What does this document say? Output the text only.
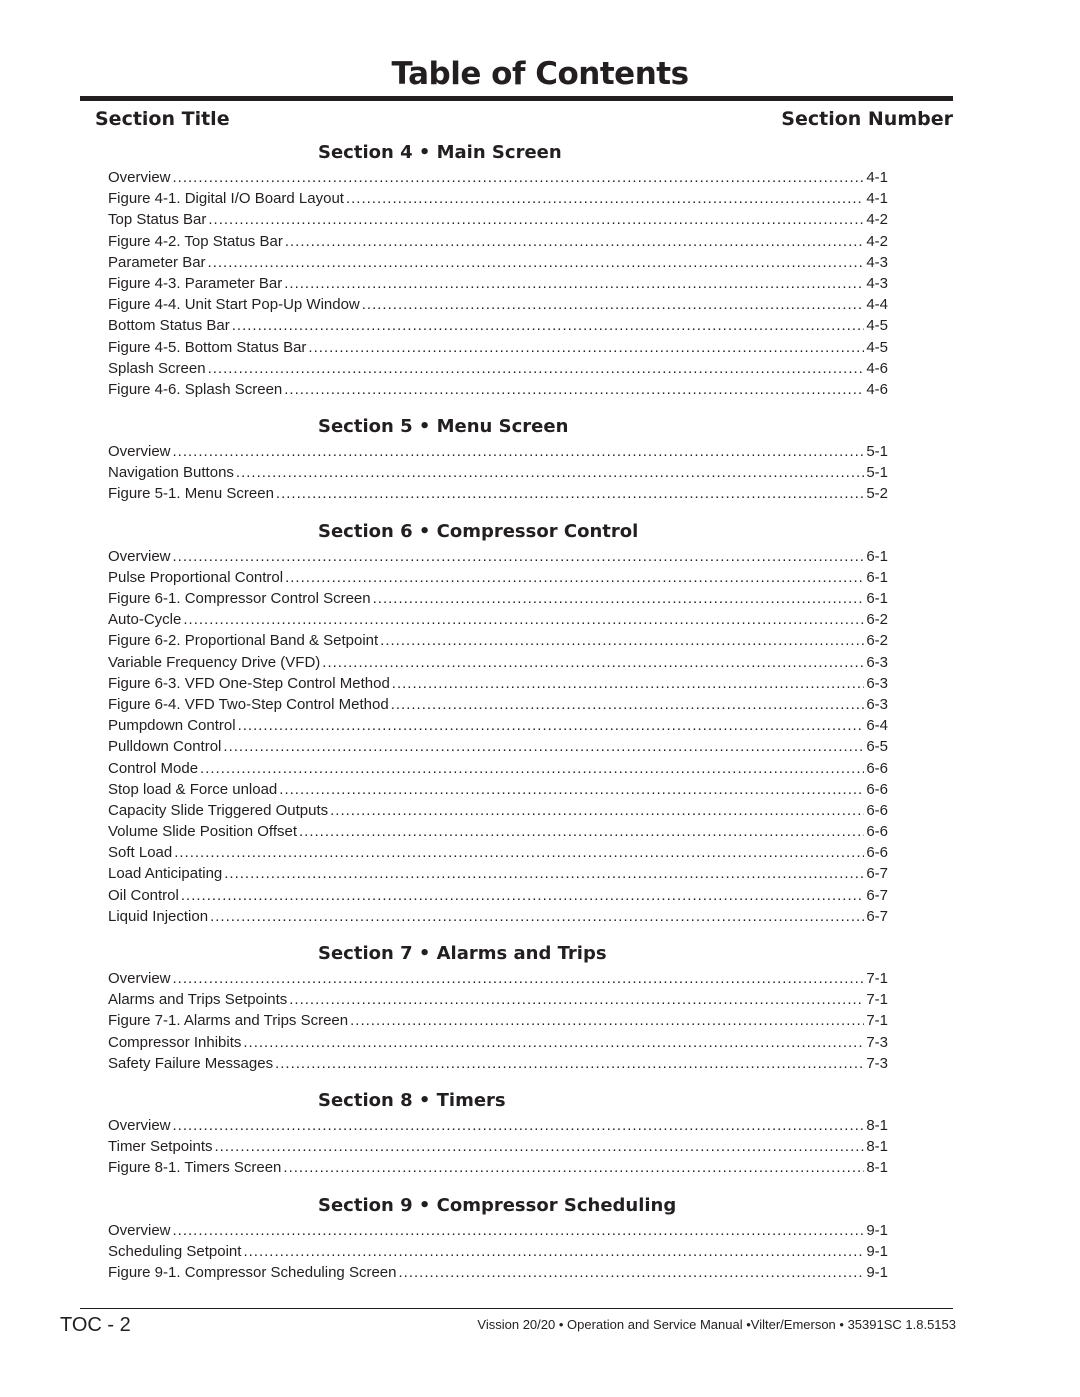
Table of Contents
Section Title	Section Number
Section 4 • Main Screen
Overview .....	4-1
Figure 4-1. Digital I/O Board Layout .....	4-1
Top Status Bar .....	4-2
Figure 4-2. Top Status Bar .....	4-2
Parameter Bar .....	4-3
Figure 4-3. Parameter Bar .....	4-3
Figure 4-4. Unit Start Pop-Up Window .....	4-4
Bottom Status Bar .....	4-5
Figure 4-5. Bottom Status Bar .....	4-5
Splash Screen .....	4-6
Figure 4-6. Splash Screen .....	4-6
Section 5 • Menu Screen
Overview .....	5-1
Navigation Buttons .....	5-1
Figure 5-1. Menu Screen .....	5-2
Section 6 • Compressor Control
Overview .....	6-1
Pulse Proportional Control .....	6-1
Figure 6-1. Compressor Control Screen .....	6-1
Auto-Cycle .....	6-2
Figure 6-2. Proportional Band & Setpoint .....	6-2
Variable Frequency Drive (VFD) .....	6-3
Figure 6-3. VFD One-Step Control Method .....	6-3
Figure 6-4. VFD Two-Step Control Method .....	6-3
Pumpdown Control .....	6-4
Pulldown Control .....	6-5
Control Mode .....	6-6
Stop load & Force unload .....	6-6
Capacity Slide Triggered Outputs .....	6-6
Volume Slide Position Offset .....	6-6
Soft Load .....	6-6
Load Anticipating .....	6-7
Oil Control .....	6-7
Liquid Injection .....	6-7
Section 7 • Alarms and Trips
Overview .....	7-1
Alarms and Trips Setpoints .....	7-1
Figure 7-1. Alarms and Trips Screen .....	7-1
Compressor Inhibits .....	7-3
Safety Failure Messages .....	7-3
Section 8 • Timers
Overview .....	8-1
Timer Setpoints .....	8-1
Figure 8-1. Timers Screen .....	8-1
Section 9 • Compressor Scheduling
Overview .....	9-1
Scheduling Setpoint .....	9-1
Figure 9-1. Compressor Scheduling Screen .....	9-1
TOC - 2	Vission 20/20 • Operation and Service Manual •Vilter/Emerson • 35391SC 1.8.5153
